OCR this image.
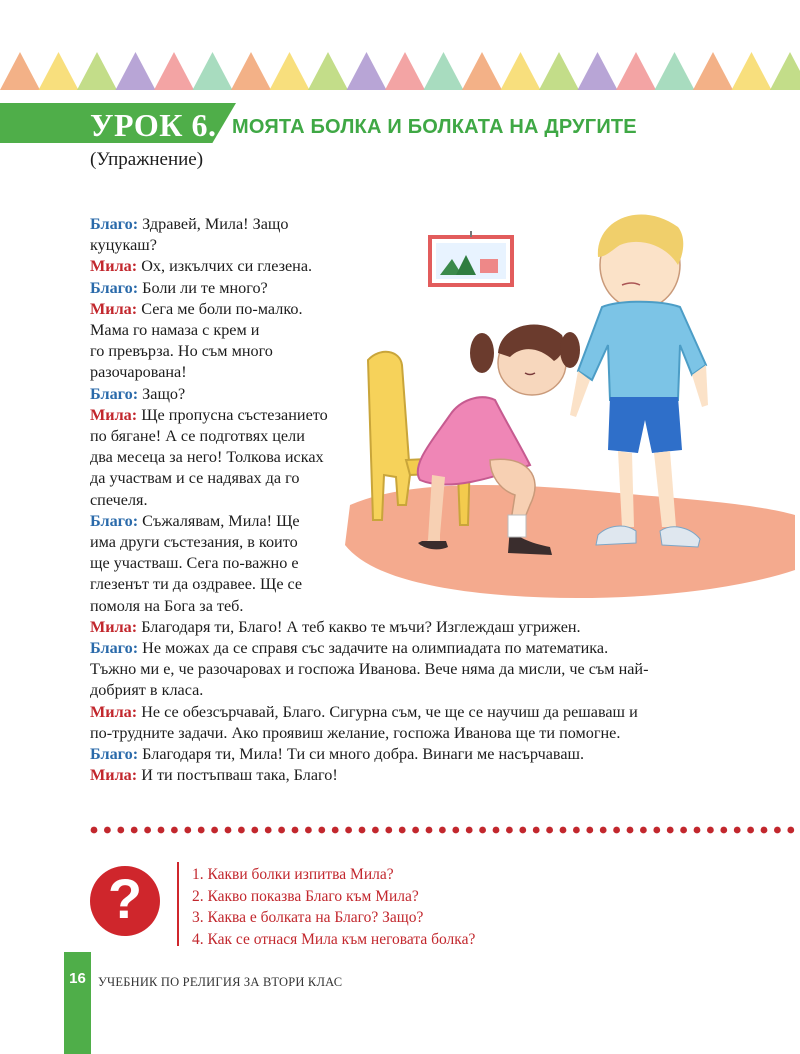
УРОК 6. МОЯТА БОЛКА И БОЛКАТА НА ДРУГИТЕ
(Упражнение)
Благо: Здравей, Мила! Защо
куцукаш?
Мила: Ох, изкълчих си глезена.
Благо: Боли ли те много?
Мила: Сега ме боли по-малко.
Мама го намаза с крем и
го превърза. Но съм много
разочарована!
Благо: Защо?
Мила: Ще пропусна състезанието
по бягане! А се подготвях цели
два месеца за него! Толкова исках
да участвам и се надявах да го
спечеля.
Благо: Съжалявам, Мила! Ще
има други състезания, в които
ще участваш. Сега по-важно е
глезенът ти да оздравее. Ще се
помоля на Бога за теб.
Мила: Благодаря ти, Благо! А теб какво те мъчи? Изглеждаш угрижен.
Благо: Не можах да се справя със задачите на олимпиадата по математика.
Тъжно ми е, че разочаровах и госпожа Иванова. Вече няма да мисли, че съм най-
добрият в класа.
Мила: Не се обезсърчавай, Благо. Сигурна съм, че ще се научиш да решаваш и
по-трудните задачи. Ако проявиш желание, госпожа Иванова ще ти помогне.
Благо: Благодаря ти, Мила! Ти си много добра. Винаги ме насърчаваш.
Мила: И ти постъпваш така, Благо!
?	1. Какви болки изпитва Мила?
2. Какво показва Благо към Мила?
3. Каква е болката на Благо? Защо?
4. Как се отнася Мила към неговата болка?
16 УЧЕБНИК ПО РЕЛИГИЯ ЗА ВТОРИ КЛАС
